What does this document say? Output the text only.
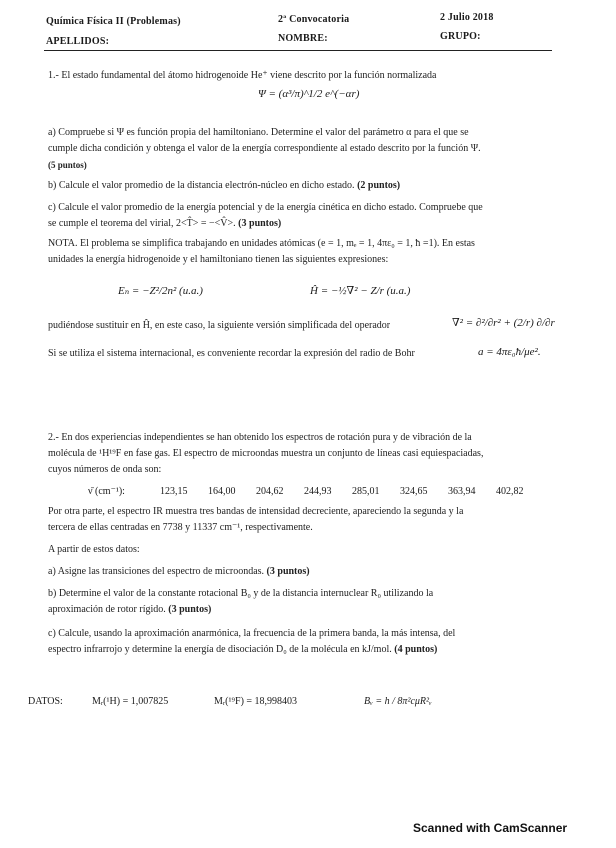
Química Física II (Problemas)	2ª Convocatoria	2 Julio 2018
APELLIDOS:	NOMBRE:	GRUPO:
1.- El estado fundamental del átomo hidrogenoide He⁺ viene descrito por la función normalizada
Ψ = (α³/π)^1/2 e^(−αr)
a) Compruebe si Ψ es función propia del hamiltoniano. Determine el valor del parámetro α para el que se
cumple dicha condición y obtenga el valor de la energía correspondiente al estado descrito por la función Ψ.
(5 puntos)
b) Calcule el valor promedio de la distancia electrón-núcleo en dicho estado. (2 puntos)
c) Calcule el valor promedio de la energía potencial y de la energía cinética en dicho estado. Compruebe que
se cumple el teorema del virial, 2<T̂> = −<V̂>. (3 puntos)
NOTA. El problema se simplifica trabajando en unidades atómicas (e = 1, mₑ = 1, 4πε₀ = 1, ħ =1). En estas
unidades la energía hidrogenoide y el hamiltoniano tienen las siguientes expresiones:
Eₙ = −Z²/2n² (u.a.)	Ĥ = −½∇² − Z/r (u.a.)
pudiéndose sustituir en Ĥ, en este caso, la siguiente versión simplificada del operador	∇² = ∂²/∂r² + (2/r) ∂/∂r
Si se utiliza el sistema internacional, es conveniente recordar la expresión del radio de Bohr	a = 4πε₀ħ/μe².
2.- En dos experiencias independientes se han obtenido los espectros de rotación pura y de vibración de la
molécula de ¹H¹⁹F en fase gas. El espectro de microondas muestra un conjunto de líneas casi equiespaciadas,
cuyos números de onda son:
ν̄ (cm⁻¹):	123,15 164,00 204,62 244,93 285,01 324,65 363,94 402,82
Por otra parte, el espectro IR muestra tres bandas de intensidad decreciente, apareciendo la segunda y la
tercera de ellas centradas en 7738 y 11337 cm⁻¹, respectivamente.
A partir de estos datos:
a) Asigne las transiciones del espectro de microondas. (3 puntos)
b) Determine el valor de la constante rotacional B₀ y de la distancia internuclear R₀ utilizando la
aproximación de rotor rígido. (3 puntos)
c) Calcule, usando la aproximación anarmónica, la frecuencia de la primera banda, la más intensa, del
espectro infrarrojo y determine la energía de disociación D₀ de la molécula en kJ/mol. (4 puntos)
DATOS:	Mᵣ(¹H) = 1,007825	Mᵣ(¹⁹F) = 18,998403	Bᵥ = h / 8π²cμR²ᵥ
Scanned with CamScanner
